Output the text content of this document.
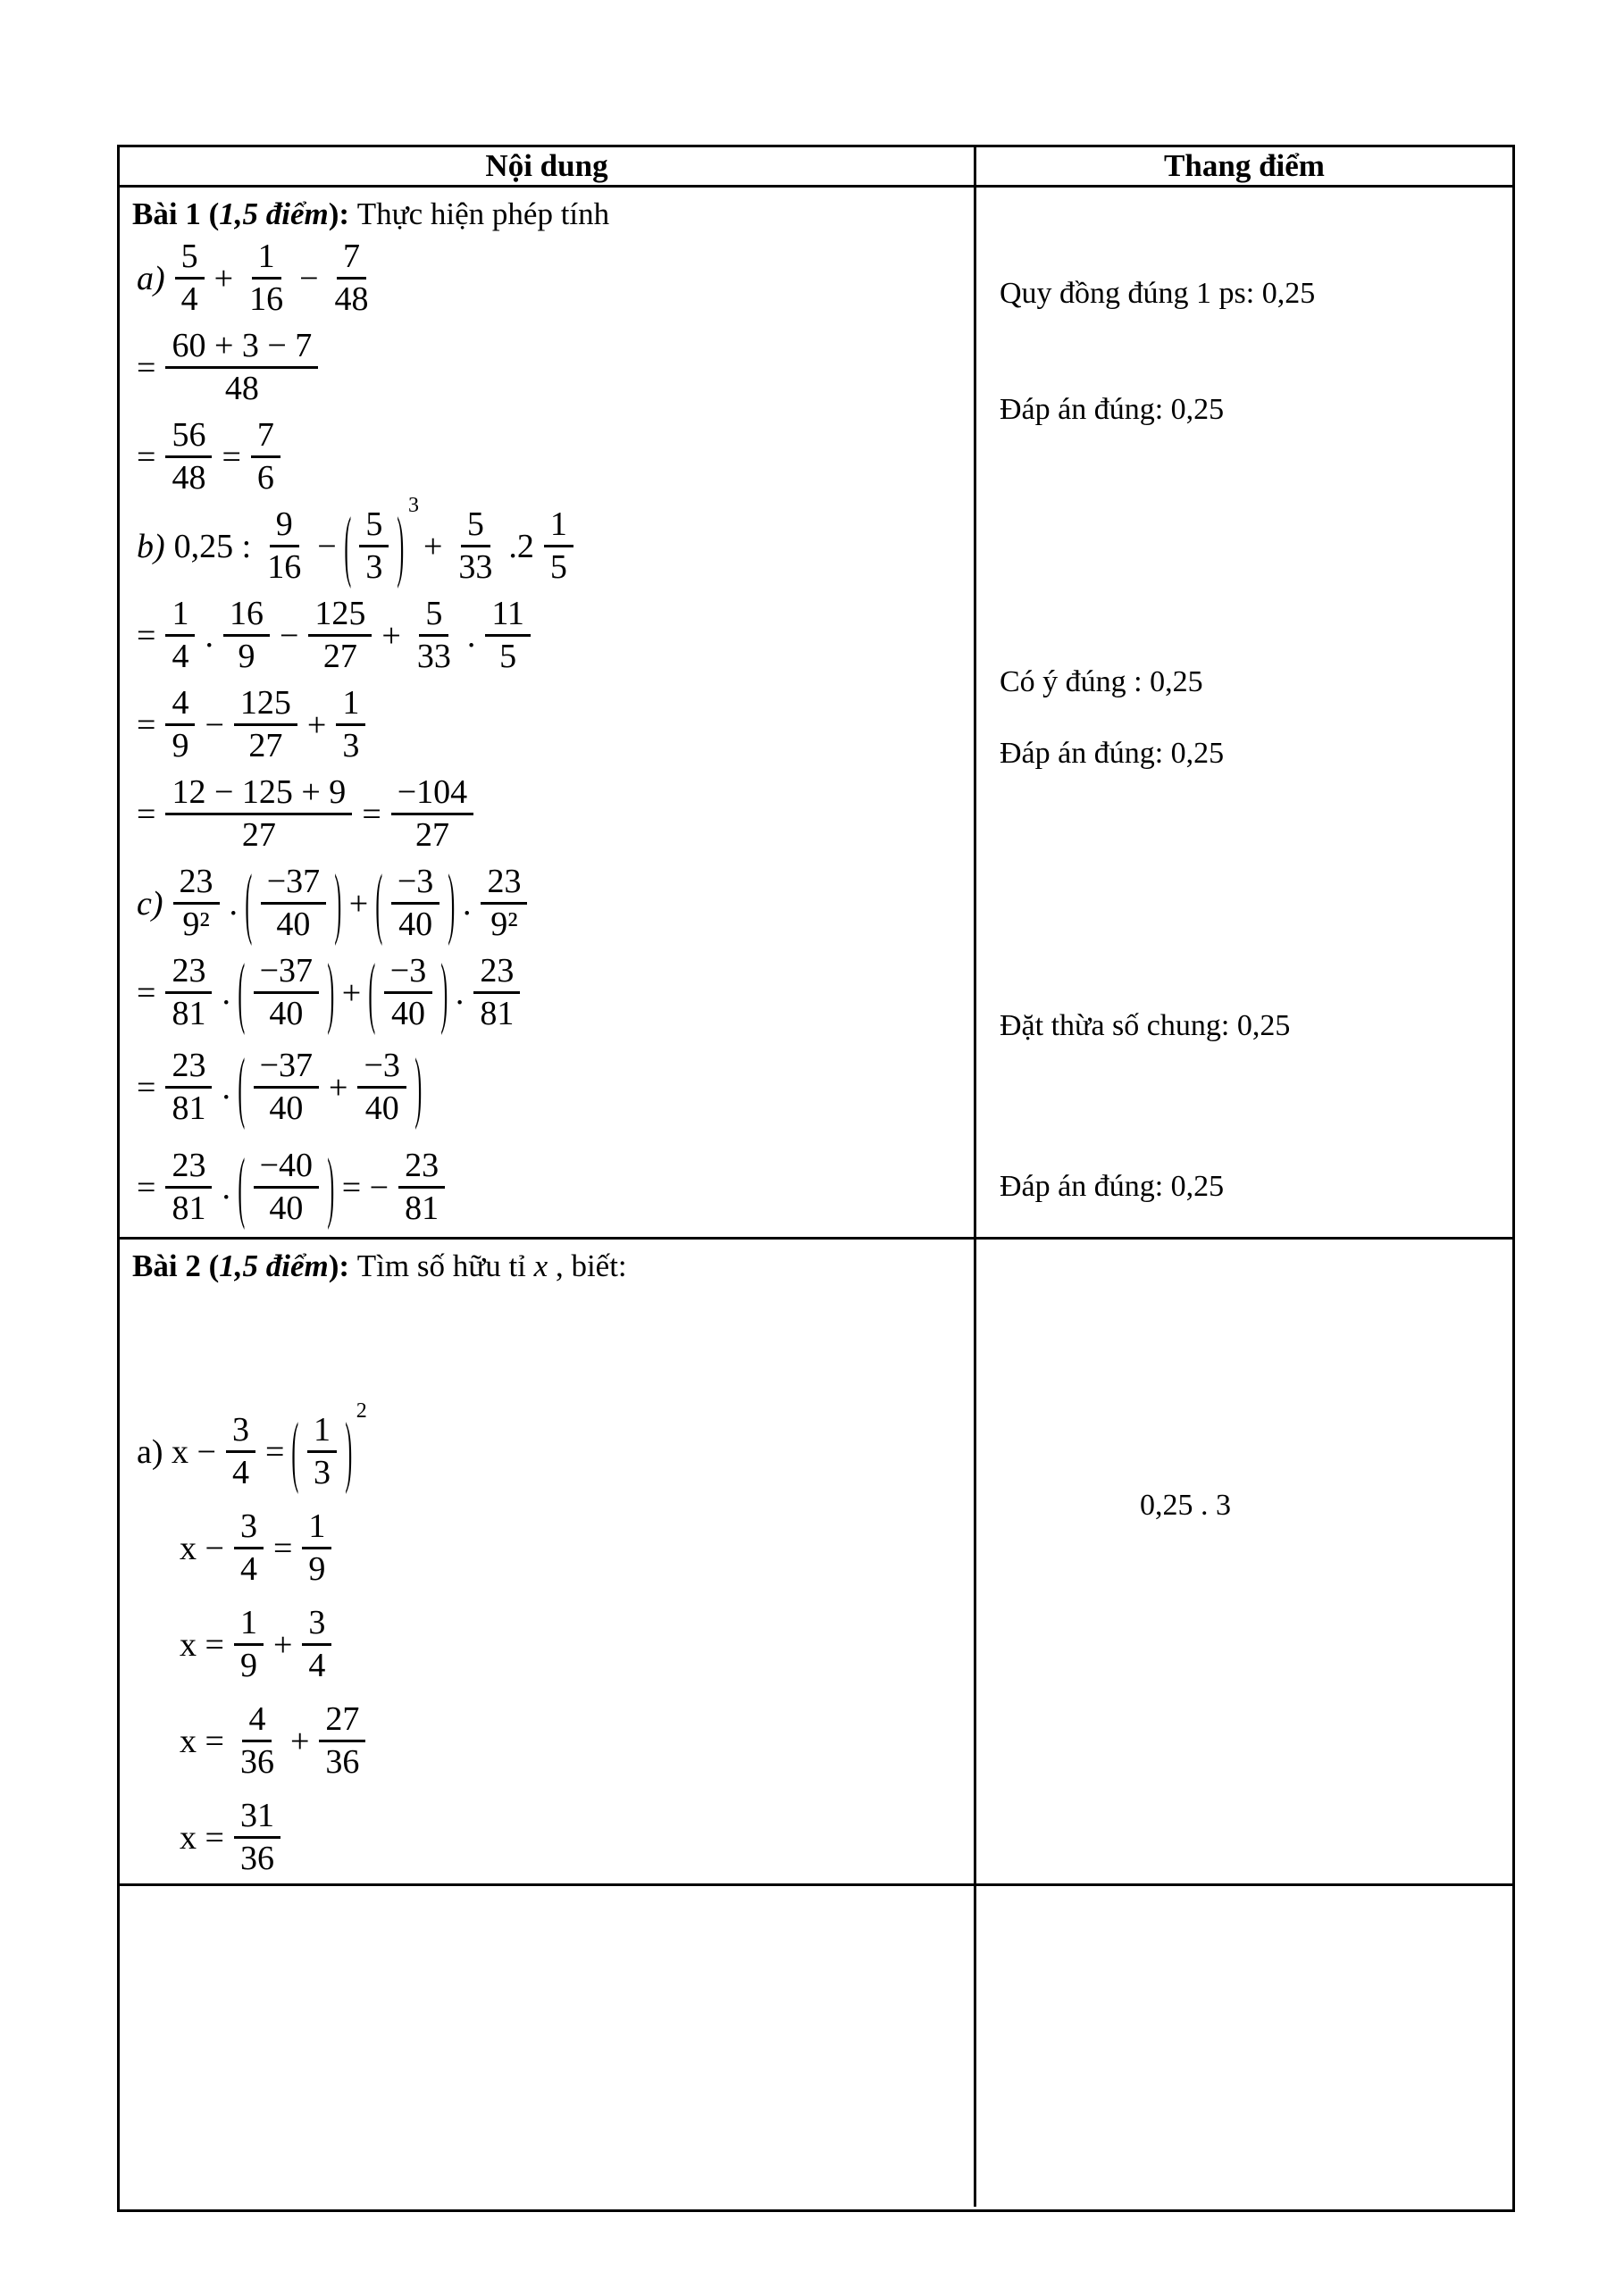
Nội dung	Thang điểm
Bài 1 (1,5 điểm): Thực hiện phép tính
$a) \frac{5}{4} + \frac{1}{16} - \frac{7}{48}$
= $\frac{60 + 3 - 7}{48}$
= $\frac{56}{48} = \frac{7}{6}$
b) 0,25 : $\frac{9}{16}$ − ( $\frac{5}{3} )^3$
+ $\frac{5}{33} .2 \frac{1}{5}$
= $\frac{1}{4}$ . $\frac{16}{9} - \frac{125}{27} + \frac{5}{33}$ . $\frac{11}{5}$
= $\frac{4}{9} - \frac{125}{27} + \frac{1}{3}$
= $\frac{12 - 125 + 9}{27} = \frac{-104}{27}$
$c) \frac{23}{\text{9²}}$ . ( $\frac{-37}{40}$ ) + ( $\frac{-3}{40}$ ) . $\frac{23}{\text{9²}}$
= $\frac{23}{81}$ . ( $\frac{-37}{40}$ ) + ( $\frac{-3}{40}$ ) . $\frac{23}{81}$
= $\frac{23}{81}$ . ( $\frac{-37}{40} + \frac{-3}{40}$ )
= $\frac{23}{81}$ . ( $\frac{-40}{40}$ ) = − $\frac{23}{81}$
Quy đồng đúng 1 ps: 0,25
Đáp án đúng: 0,25
Có ý đúng : 0,25
Đáp án đúng: 0,25
Đặt thừa số chung: 0,25
Đáp án đúng: 0,25
Bài 2 (1,5 điểm): Tìm số hữu tỉ x , biết:
a) $x - \frac{3}{4}$ = ( $\frac{1}{3} )^2$
$x - \frac{3}{4} = \frac{1}{9}$
$x = \frac{1}{9} + \frac{3}{4}$
$x = \frac{4}{36} + \frac{27}{36}$
$x = \frac{31}{36}$
0,25 . 3
